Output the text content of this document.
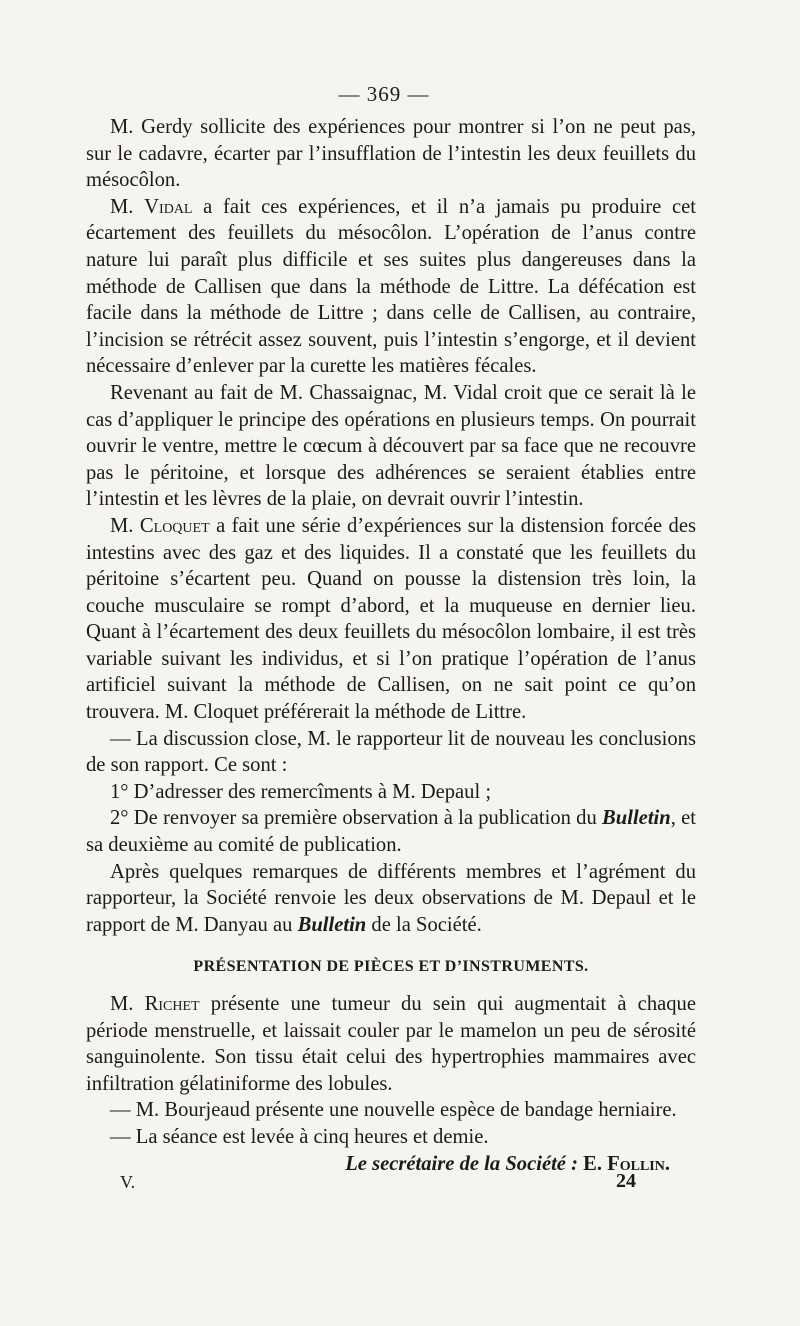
— 369 —

M. Gerdy sollicite des expériences pour montrer si l’on ne peut pas, sur le cadavre, écarter par l’insufflation de l’intestin les deux feuillets du mésocôlon.

M. Vidal a fait ces expériences, et il n’a jamais pu produire cet écartement des feuillets du mésocôlon. L’opération de l’anus contre nature lui paraît plus difficile et ses suites plus dangereuses dans la méthode de Callisen que dans la méthode de Littre. La défécation est facile dans la méthode de Littre ; dans celle de Callisen, au contraire, l’incision se rétrécit assez souvent, puis l’intestin s’engorge, et il devient nécessaire d’enlever par la curette les matières fécales.

Revenant au fait de M. Chassaignac, M. Vidal croit que ce serait là le cas d’appliquer le principe des opérations en plusieurs temps. On pourrait ouvrir le ventre, mettre le cœcum à découvert par sa face que ne recouvre pas le péritoine, et lorsque des adhérences se seraient établies entre l’intestin et les lèvres de la plaie, on devrait ouvrir l’intestin.

M. Cloquet a fait une série d’expériences sur la distension forcée des intestins avec des gaz et des liquides. Il a constaté que les feuillets du péritoine s’écartent peu. Quand on pousse la distension très loin, la couche musculaire se rompt d’abord, et la muqueuse en dernier lieu. Quant à l’écartement des deux feuillets du mésocôlon lombaire, il est très variable suivant les individus, et si l’on pratique l’opération de l’anus artificiel suivant la méthode de Callisen, on ne sait point ce qu’on trouvera. M. Cloquet préférerait la méthode de Littre.

— La discussion close, M. le rapporteur lit de nouveau les conclusions de son rapport. Ce sont :

1° D’adresser des remercîments à M. Depaul ;

2° De renvoyer sa première observation à la publication du Bulletin, et sa deuxième au comité de publication.

Après quelques remarques de différents membres et l’agrément du rapporteur, la Société renvoie les deux observations de M. Depaul et le rapport de M. Danyau au Bulletin de la Société.

PRÉSENTATION DE PIÈCES ET D’INSTRUMENTS.

M. Richet présente une tumeur du sein qui augmentait à chaque période menstruelle, et laissait couler par le mamelon un peu de sérosité sanguinolente. Son tissu était celui des hypertrophies mammaires avec infiltration gélatiniforme des lobules.

— M. Bourjeaud présente une nouvelle espèce de bandage herniaire.

— La séance est levée à cinq heures et demie.

Le secrétaire de la Société : E. Follin.

V.	24
